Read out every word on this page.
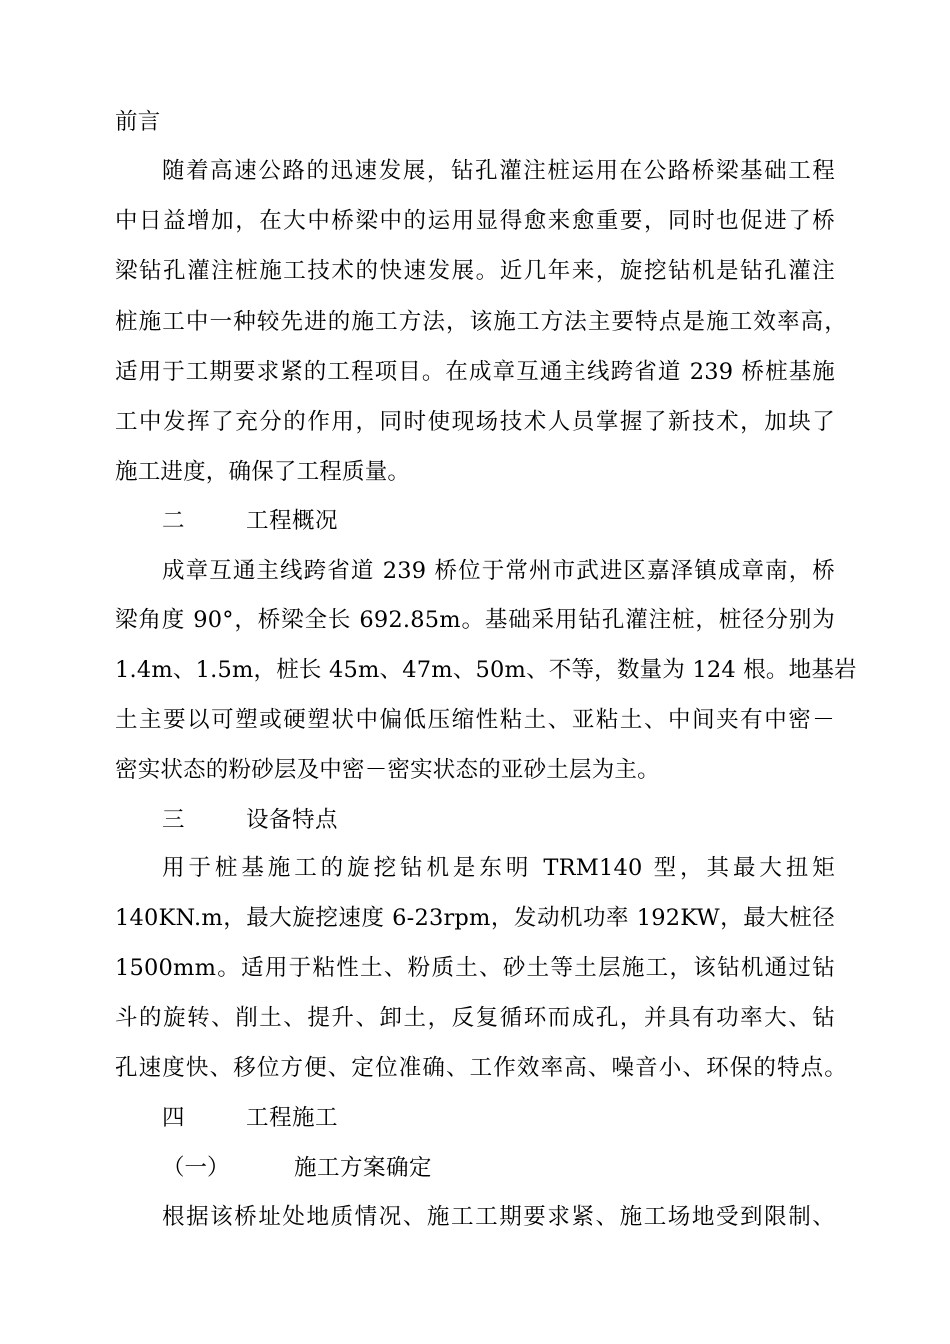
前言
随着高速公路的迅速发展，钻孔灌注桩运用在公路桥梁基础工程
中日益增加，在大中桥梁中的运用显得愈来愈重要，同时也促进了桥
梁钻孔灌注桩施工技术的快速发展。近几年来，旋挖钻机是钻孔灌注
桩施工中一种较先进的施工方法，该施工方法主要特点是施工效率高，
适用于工期要求紧的工程项目。在成章互通主线跨省道 239 桥桩基施
工中发挥了充分的作用，同时使现场技术人员掌握了新技术，加块了
施工进度，确保了工程质量。
二	工程概况
成章互通主线跨省道 239 桥位于常州市武进区嘉泽镇成章南，桥
梁角度 90°，桥梁全长 692.85m。基础采用钻孔灌注桩，桩径分别为
1.4m、1.5m，桩长 45m、47m、50m、不等，数量为 124 根。地基岩
土主要以可塑或硬塑状中偏低压缩性粘土、亚粘土、中间夹有中密－
密实状态的粉砂层及中密－密实状态的亚砂土层为主。
三	设备特点
用于桩基施工的旋挖钻机是东明 TRM140 型，其最大扭矩
140KN.m，最大旋挖速度 6-23rpm，发动机功率 192KW，最大桩径
1500mm。适用于粘性土、粉质土、砂土等土层施工，该钻机通过钻
斗的旋转、削土、提升、卸土，反复循环而成孔，并具有功率大、钻
孔速度快、移位方便、定位准确、工作效率高、噪音小、环保的特点。
四	工程施工
（一）	施工方案确定
根据该桥址处地质情况、施工工期要求紧、施工场地受到限制、
